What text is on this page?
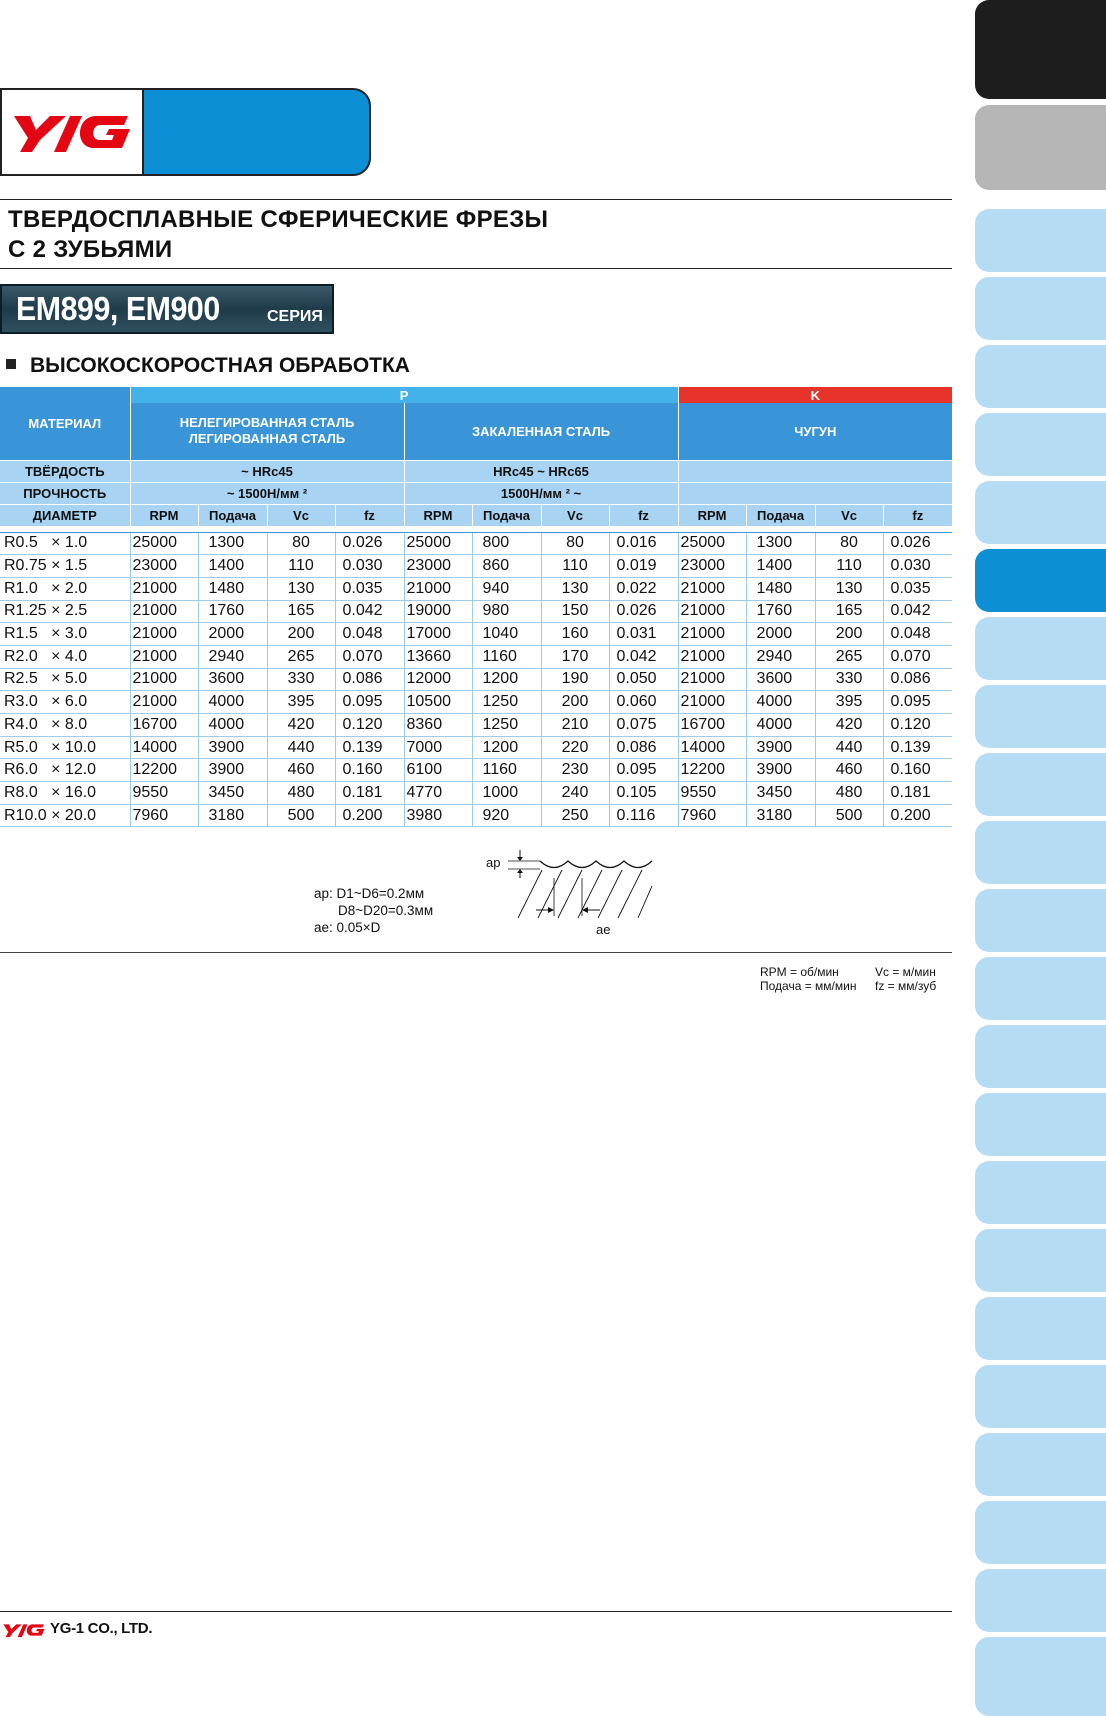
ТВЕРДОСПЛАВНЫЕ СФЕРИЧЕСКИЕ ФРЕЗЫ
С 2 ЗУБЬЯМИ
EM899, EM900	СЕРИЯ
ВЫСОКОСКОРОСТНАЯ ОБРАБОТКА
МАТЕРИАЛ	P								K			

	НЕЛЕГИРОВАННАЯ СТАЛЬ
ЛЕГИРОВАННАЯ СТАЛЬ				ЗАКАЛЕННАЯ СТАЛЬ				ЧУГУН			

ТВЁРДОСТЬ	~ HRc45				HRc45 ~ HRc65							
ПРОЧНОСТЬ	~ 1500Н/мм ²				1500Н/мм ² ~							
ДИАМЕТР	RPM	Подача	Vc	fz	RPM	Подача	Vc	fz	RPM	Подача	Vc	fz

R0.5   × 1.0	25000	1300	80	0.026	25000	800	80	0.016	25000	1300	80	0.026
R0.75 × 1.5	23000	1400	110	0.030	23000	860	110	0.019	23000	1400	110	0.030
R1.0   × 2.0	21000	1480	130	0.035	21000	940	130	0.022	21000	1480	130	0.035
R1.25 × 2.5	21000	1760	165	0.042	19000	980	150	0.026	21000	1760	165	0.042
R1.5   × 3.0	21000	2000	200	0.048	17000	1040	160	0.031	21000	2000	200	0.048
R2.0   × 4.0	21000	2940	265	0.070	13660	1160	170	0.042	21000	2940	265	0.070
R2.5   × 5.0	21000	3600	330	0.086	12000	1200	190	0.050	21000	3600	330	0.086
R3.0   × 6.0	21000	4000	395	0.095	10500	1250	200	0.060	21000	4000	395	0.095
R4.0   × 8.0	16700	4000	420	0.120	8360	1250	210	0.075	16700	4000	420	0.120
R5.0   × 10.0	14000	3900	440	0.139	7000	1200	220	0.086	14000	3900	440	0.139
R6.0   × 12.0	12200	3900	460	0.160	6100	1160	230	0.095	12200	3900	460	0.160
R8.0   × 16.0	9550	3450	480	0.181	4770	1000	240	0.105	9550	3450	480	0.181
R10.0 × 20.0	7960	3180	500	0.200	3980	920	250	0.116	7960	3180	500	0.200
ap: D1~D6=0.2мм
D8~D20=0.3мм
ae: 0.05×D
ap
ae
RPM = об/мин	Vc = м/мин
Подача = мм/мин	fz = мм/зуб
YG-1 CO., LTD.
